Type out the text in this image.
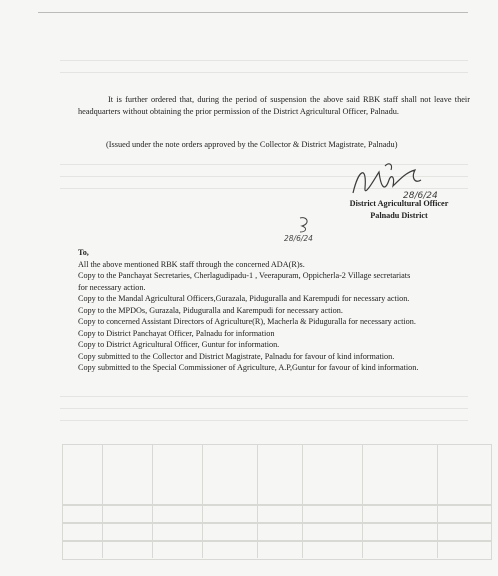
It is further ordered that, during the period of suspension the above said RBK staff shall not leave their headquarters without obtaining the prior permission of the District Agricultural Officer, Palnadu.
(Issued under the note orders approved by the Collector & District Magistrate, Palnadu)
28/6/24
District Agricultural Officer
Palnadu District
28/6/24
To,
All the above mentioned RBK staff through the concerned ADA(R)s.
Copy to the Panchayat Secretaries, Cherlagudipadu-1 , Veerapuram, Oppicherla-2 Village secretariats
for necessary action.
Copy to the Mandal Agricultural Officers,Gurazala, Piduguralla and Karempudi for necessary action.
Copy to the MPDOs, Gurazala, Piduguralla and Karempudi for necessary action.
Copy to concerned Assistant Directors of Agriculture(R), Macherla & Piduguralla for necessary action.
Copy to District Panchayat Officer, Palnadu for information
Copy to District Agricultural Officer, Guntur for information.
Copy submitted to the Collector and District Magistrate, Palnadu for favour of kind information.
Copy submitted to the Special Commissioner of Agriculture, A.P,Guntur for favour of kind information.
